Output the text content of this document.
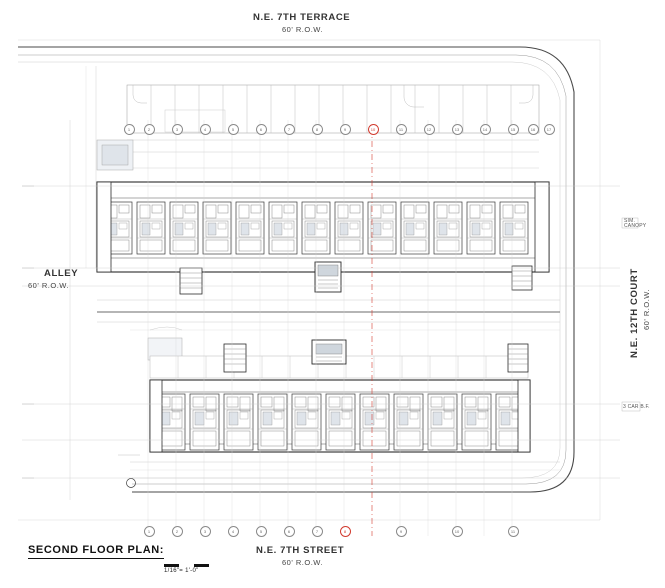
N.E. 7TH TERRACE
60' R.O.W.
N.E. 7TH STREET
60' R.O.W.
ALLEY
60' R.O.W.	N.E. 12TH COURT 60' R.O.W.
SIM.
CANOPY
3 CAR B.F.
SECOND FLOOR PLAN:
1/16"= 1'-0"
1	2	3	4	5	6	7	8	9	10	11	12	13	14	15	16	17
1	2	3	4	5	6	7	8	9	10	11
